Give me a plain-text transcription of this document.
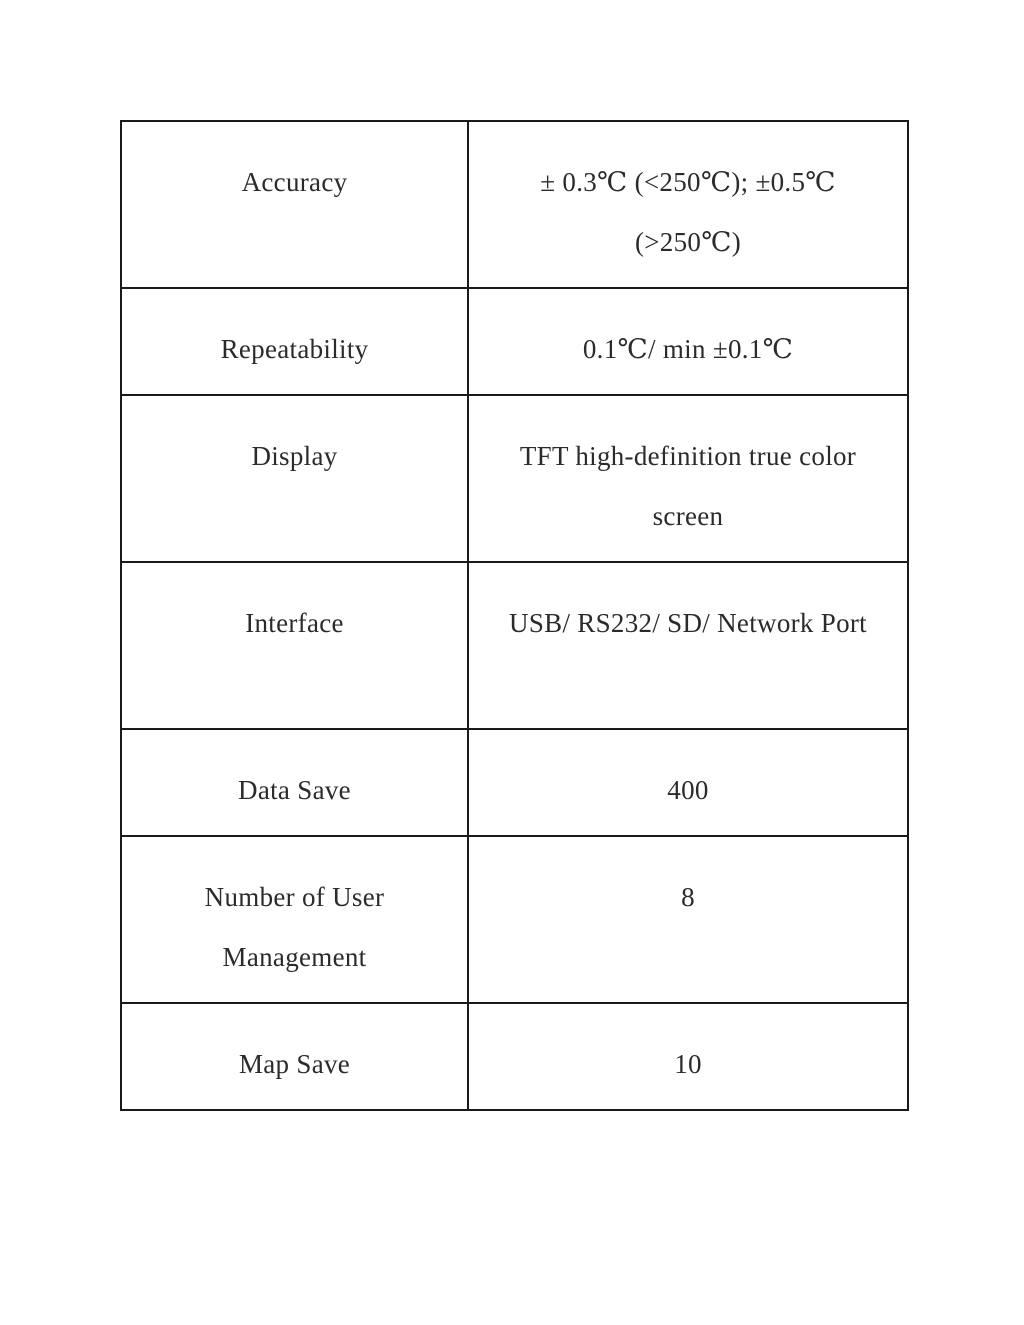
Accuracy	± 0.3℃ (<250℃); ±0.5℃ (>250℃)
Repeatability	0.1℃/ min ±0.1℃
Display	TFT high-definition true color screen
Interface	USB/ RS232/ SD/ Network Port
Data Save	400
Number of User Management	8
Map Save	10
